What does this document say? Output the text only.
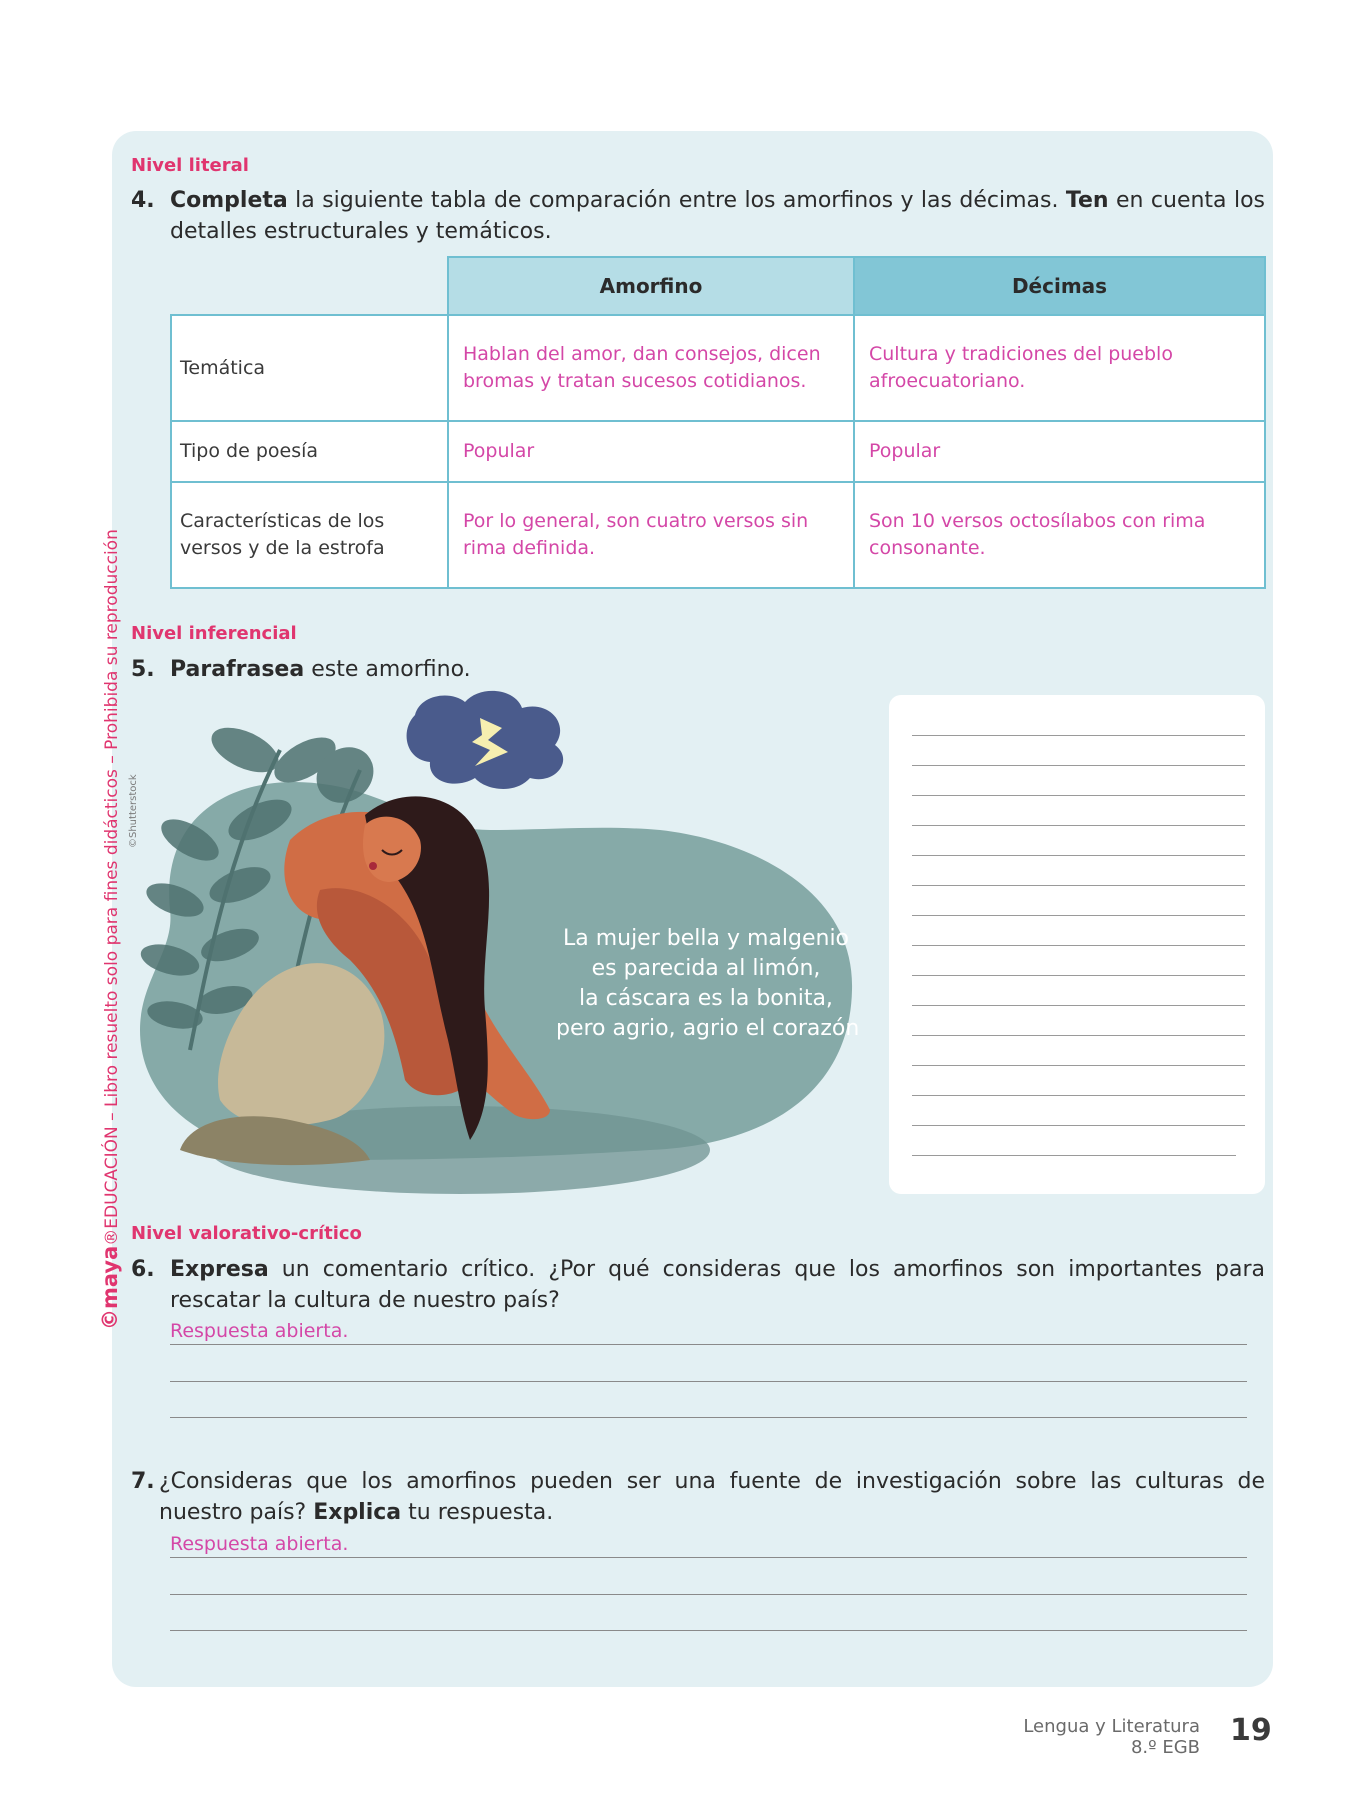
©maya®EDUCACIÓN – Libro resuelto solo para fines didácticos – Prohibida su reproducción
Nivel literal
4. Completa la siguiente tabla de comparación entre los amorfinos y las décimas. Ten en cuenta los detalles estructurales y temáticos.
	Amorfino	Décimas
Temática	Hablan del amor, dan consejos, dicen bromas y tratan sucesos cotidianos.	Cultura y tradiciones del pueblo afroecuatoriano.
Tipo de poesía	Popular	Popular
Características de los versos y de la estrofa	Por lo general, son cuatro versos sin rima definida.	Son 10 versos octosílabos con rima consonante.
Nivel inferencial
5. Parafrasea este amorfino.
©Shutterstock
La mujer bella y malgenio
es parecida al limón,
la cáscara es la bonita,
pero agrio, agrio el corazón
Nivel valorativo-crítico
6. Expresa un comentario crítico. ¿Por qué consideras que los amorfinos son importantes para rescatar la cultura de nuestro país?
Respuesta abierta.
7. ¿Consideras que los amorfinos pueden ser una fuente de investigación sobre las culturas de nuestro país? Explica tu respuesta.
Respuesta abierta.
Lengua y Literatura
8.º EGB 19
